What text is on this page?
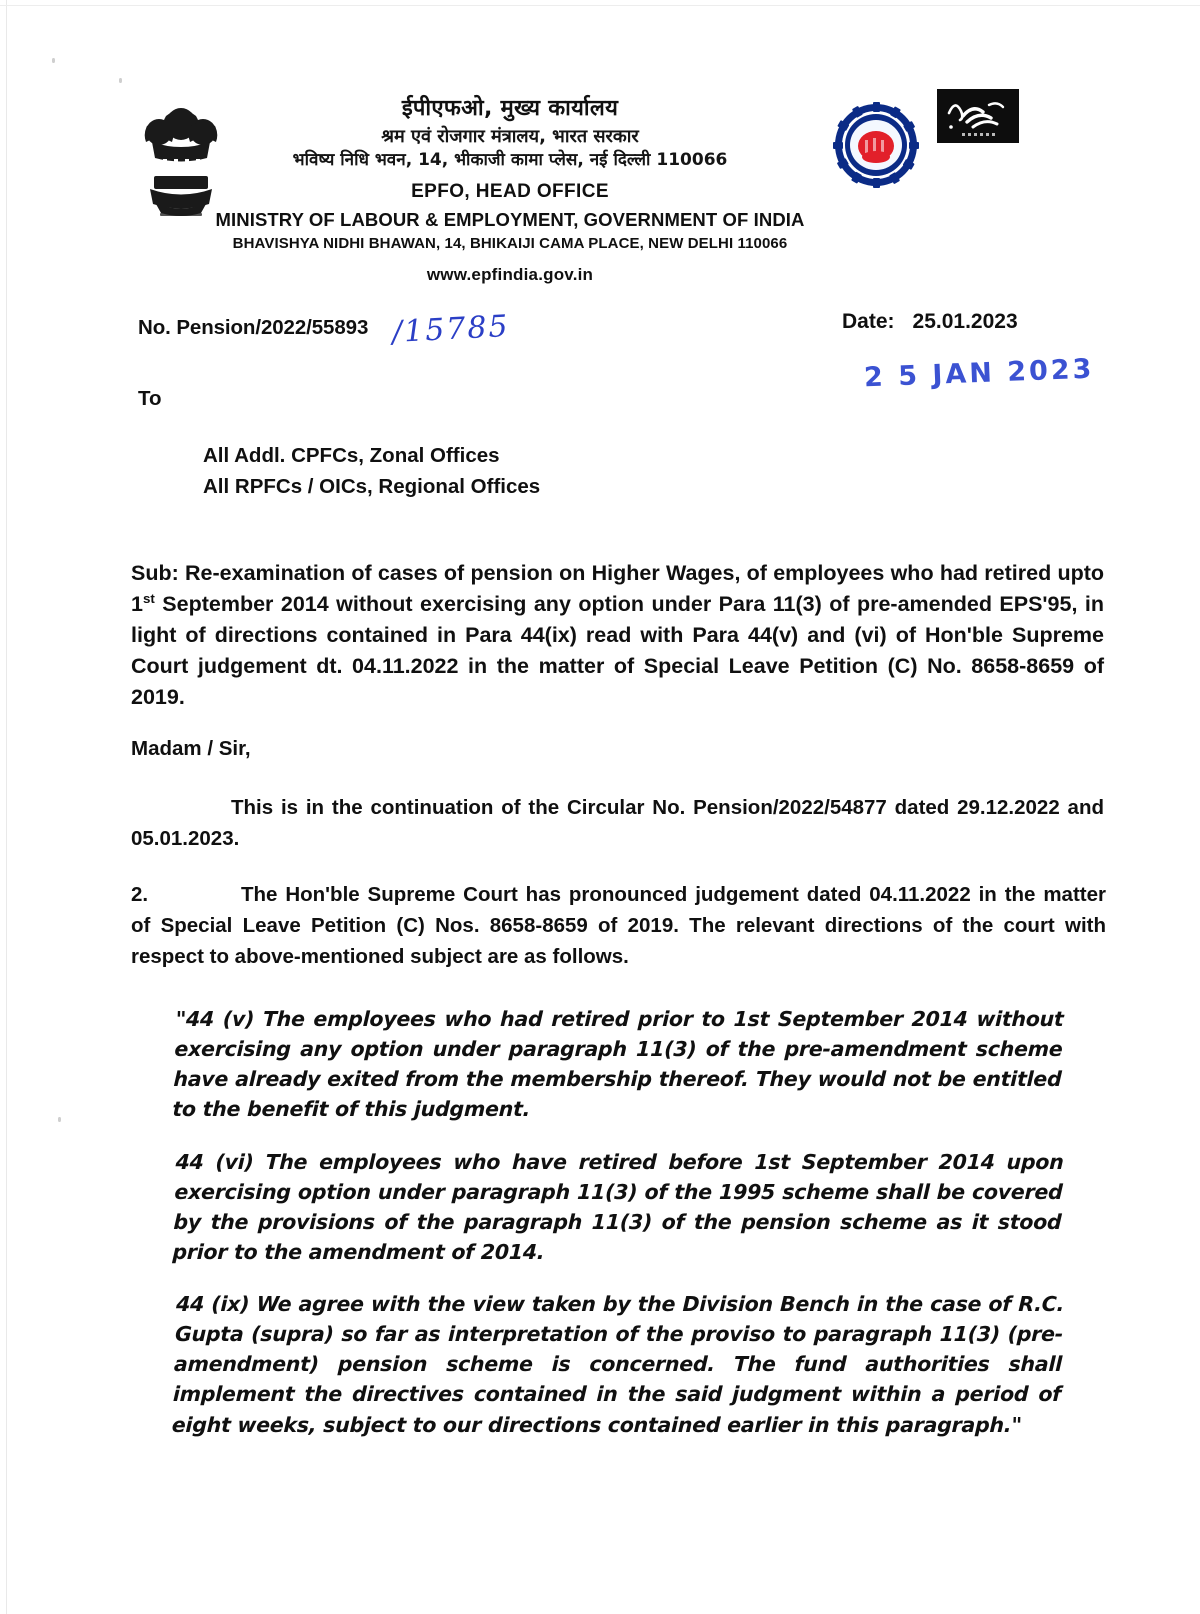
ईपीएफओ, मुख्य कार्यालय
श्रम एवं रोजगार मंत्रालय, भारत सरकार
भविष्य निधि भवन, 14, भीकाजी कामा प्लेस, नई दिल्ली 110066
EPFO, HEAD OFFICE
MINISTRY OF LABOUR & EMPLOYMENT, GOVERNMENT OF INDIA
BHAVISHYA NIDHI BHAWAN, 14, BHIKAIJI CAMA PLACE, NEW DELHI 110066
www.epfindia.gov.in
No. Pension/2022/55893 /15785	Date: 25.01.2023
2 5 JAN 2023
To
All Addl. CPFCs, Zonal Offices
All RPFCs / OICs, Regional Offices
Sub: Re-examination of cases of pension on Higher Wages, of employees who had retired upto 1st September 2014 without exercising any option under Para 11(3) of pre-amended EPS'95, in light of directions contained in Para 44(ix) read with Para 44(v) and (vi) of Hon'ble Supreme Court judgement dt. 04.11.2022 in the matter of Special Leave Petition (C) No. 8658-8659 of 2019.
Madam / Sir,
This is in the continuation of the Circular No. Pension/2022/54877 dated 29.12.2022 and 05.01.2023.
2.	The Hon'ble Supreme Court has pronounced judgement dated 04.11.2022 in the matter of Special Leave Petition (C) Nos. 8658-8659 of 2019. The relevant directions of the court with respect to above-mentioned subject are as follows.

"44 (v) The employees who had retired prior to 1st September 2014 without exercising any option under paragraph 11(3) of the pre-amendment scheme have already exited from the membership thereof. They would not be entitled to the benefit of this judgment.

44 (vi) The employees who have retired before 1st September 2014 upon exercising option under paragraph 11(3) of the 1995 scheme shall be covered by the provisions of the paragraph 11(3) of the pension scheme as it stood prior to the amendment of 2014.

44 (ix) We agree with the view taken by the Division Bench in the case of R.C. Gupta (supra) so far as interpretation of the proviso to paragraph 11(3) (pre-amendment) pension scheme is concerned. The fund authorities shall implement the directives contained in the said judgment within a period of eight weeks, subject to our directions contained earlier in this paragraph."
